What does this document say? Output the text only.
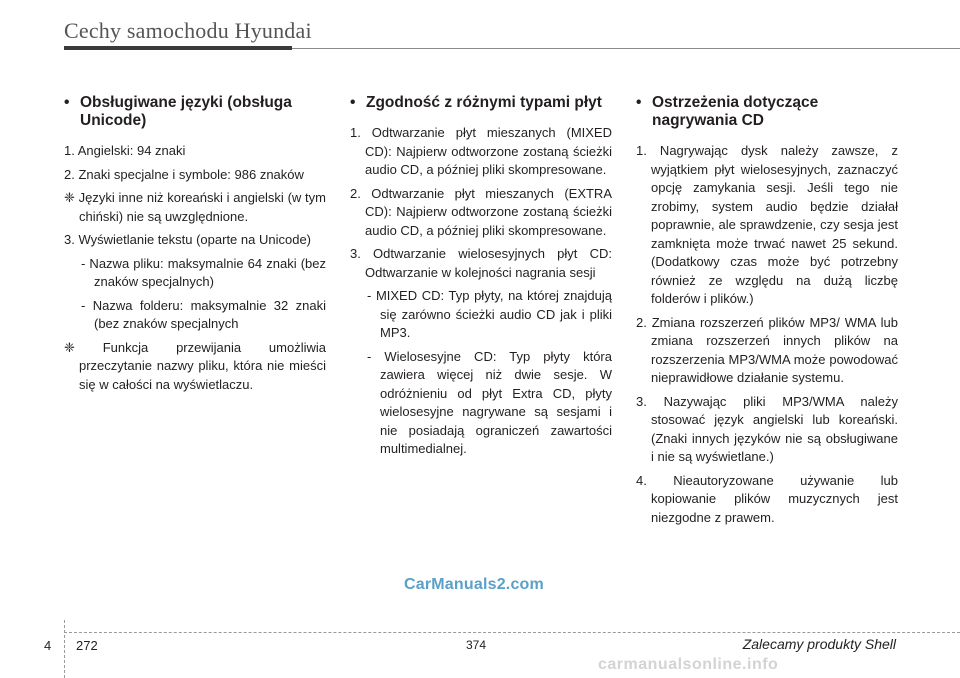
Cechy samochodu Hyundai
• Obsługiwane języki (obsługa Unicode)
1. Angielski: 94 znaki
2. Znaki specjalne i symbole: 986 znaków
❈ Języki inne niż koreański i angielski (w tym chiński) nie są uwzględnione.
3. Wyświetlanie tekstu (oparte na Unicode)
- Nazwa pliku: maksymalnie 64 znaki (bez znaków specjalnych)
- Nazwa folderu: maksymalnie 32 znaki (bez znaków specjalnych
❈ Funkcja przewijania umożliwia przeczytanie nazwy pliku, która nie mieści się w całości na wyświetlaczu.
• Zgodność z różnymi typami płyt
1. Odtwarzanie płyt mieszanych (MIXED CD): Najpierw odtworzone zostaną ścieżki audio CD, a później pliki skompresowane.
2. Odtwarzanie płyt mieszanych (EXTRA CD): Najpierw odtworzone zostaną ścieżki audio CD, a później pliki skompresowane.
3. Odtwarzanie wielosesyjnych płyt CD: Odtwarzanie w kolejności nagrania sesji
- MIXED CD: Typ płyty, na której znajdują się zarówno ścieżki audio CD jak i pliki MP3.
- Wielosesyjne CD: Typ płyty która zawiera więcej niż dwie sesje. W odróżnieniu od płyt Extra CD, płyty wielosesyjne nagrywane są sesjami i nie posiadają ograniczeń zawartości multimedialnej.
• Ostrzeżenia dotyczące nagrywania CD
1. Nagrywając dysk należy zawsze, z wyjątkiem płyt wielosesyjnych, zaznaczyć opcję zamykania sesji. Jeśli tego nie zrobimy, system audio będzie działał poprawnie, ale sprawdzenie, czy sesja jest zamknięta może trwać nawet 25 sekund. (Dodatkowy czas może być potrzebny również ze względu na dużą liczbę folderów i plików.)
2. Zmiana rozszerzeń plików MP3/ WMA lub zmiana rozszerzeń innych plików na rozszerzenia MP3/WMA może powodować nieprawidłowe działanie systemu.
3. Nazywając pliki MP3/WMA należy stosować język angielski lub koreański. (Znaki innych języków nie są obsługiwane i nie są wyświetlane.)
4. Nieautoryzowane używanie lub kopiowanie plików muzycznych jest niezgodne z prawem.
CarManuals2.com
4 272	374	Zalecamy produkty Shell
carmanualsonline.info
